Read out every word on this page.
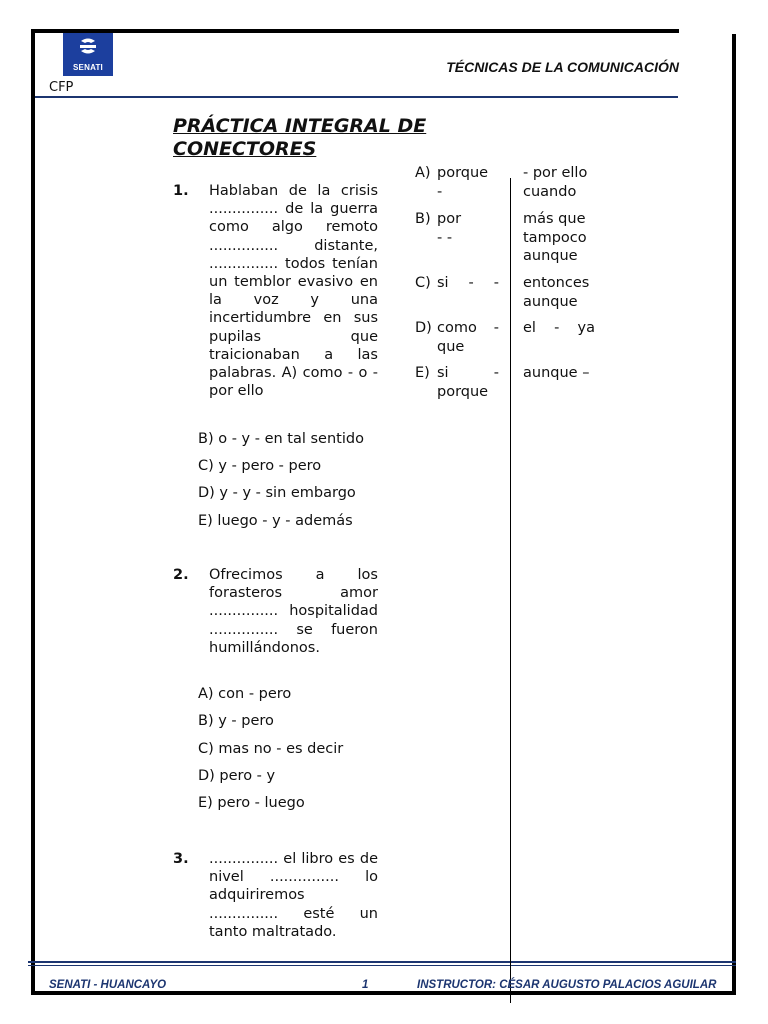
SENATI
CFP
TÉCNICAS DE LA COMUNICACIÓN
PRÁCTICA INTEGRAL DE CONECTORES
1. Hablaban de la crisis ............... de la guerra como algo remoto ............... distante, ............... todos tenían un temblor evasivo en la voz y una incertidumbre en sus pupilas que traicionaban a las palabras. A) como - o - por ello
B) o - y - en tal sentido
C) y - pero - pero
D) y - y - sin embargo
E) luego - y - además
2. Ofrecimos a los forasteros amor ............... hospitalidad ............... se fueron humillándonos.
A) con - pero
B) y - pero
C) mas no - es decir
D) pero - y
E) pero - luego
3. ............... el libro es de nivel ............... lo adquiriremos ............... esté un tanto maltratado.
A) porque -
B) por - -
C) si - -
D) como - que
E) si - porque
- por ello cuando
más que tampoco aunque
entonces aunque
el - ya
aunque –
SENATI - HUANCAYO	1	INSTRUCTOR: CÉSAR AUGUSTO PALACIOS AGUILAR
